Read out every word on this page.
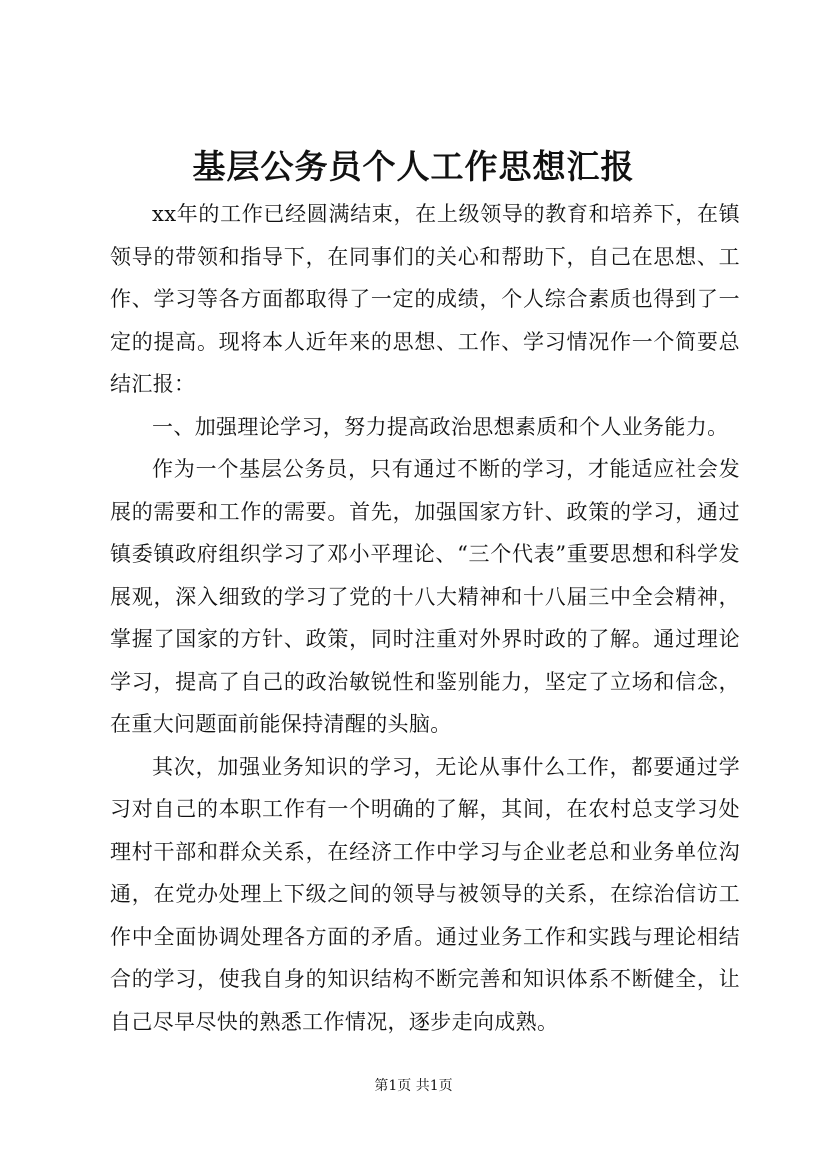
基层公务员个人工作思想汇报

xx年的工作已经圆满结束，在上级领导的教育和培养下，在镇领导的带领和指导下，在同事们的关心和帮助下，自己在思想、工作、学习等各方面都取得了一定的成绩，个人综合素质也得到了一定的提高。现将本人近年来的思想、工作、学习情况作一个简要总结汇报：

一、加强理论学习，努力提高政治思想素质和个人业务能力。

作为一个基层公务员，只有通过不断的学习，才能适应社会发展的需要和工作的需要。首先，加强国家方针、政策的学习，通过镇委镇政府组织学习了邓小平理论、“三个代表”重要思想和科学发展观，深入细致的学习了党的十八大精神和十八届三中全会精神，掌握了国家的方针、政策，同时注重对外界时政的了解。通过理论学习，提高了自己的政治敏锐性和鉴别能力，坚定了立场和信念，在重大问题面前能保持清醒的头脑。

其次，加强业务知识的学习，无论从事什么工作，都要通过学习对自己的本职工作有一个明确的了解，其间，在农村总支学习处理村干部和群众关系，在经济工作中学习与企业老总和业务单位沟通，在党办处理上下级之间的领导与被领导的关系，在综治信访工作中全面协调处理各方面的矛盾。通过业务工作和实践与理论相结合的学习，使我自身的知识结构不断完善和知识体系不断健全，让自己尽早尽快的熟悉工作情况，逐步走向成熟。

第1页 共1页
